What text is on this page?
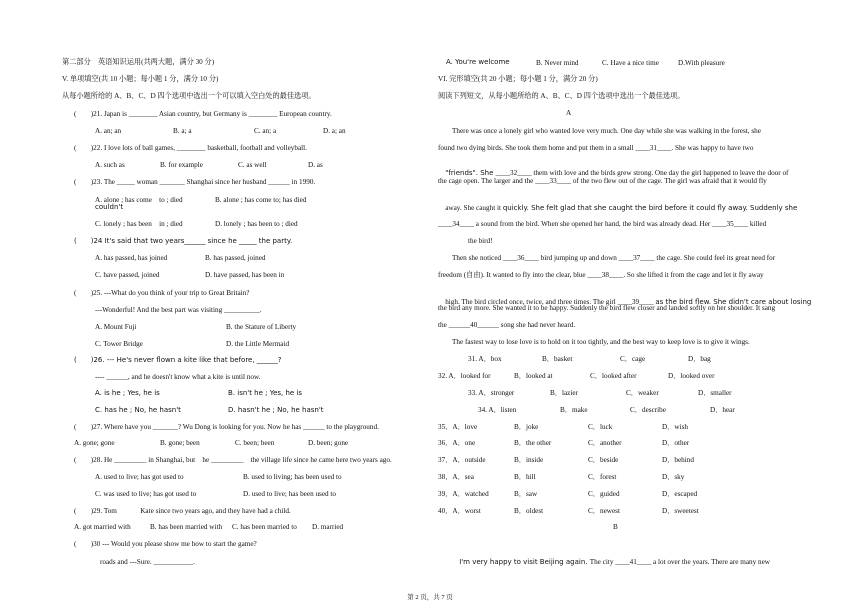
第二部分　英语知识运用(共两大题，满分 30 分)
V. 单项填空(共 10 小题；每小题 1 分，满分 10 分)
从每小题所给的 A、B、C、D 四个选项中选出一个可以填入空白处的最佳选项。
(　　)21. Japan is ________ Asian country, but Germany is ________ European country.
A. an; an	B. a; a	C. an; a	D. a; an
(　　)22. I love lots of ball games, ________ basketball, football and volleyball.
A. such as	B. for example	C. as well	D. as
(　　)23. The _____ woman _______ Shanghai since her husband ______ in 1990.
A. alone ; has come　to ; died	B. alone ; has come to; has died
couldn't
C. lonely ; has been　in ; died	D. lonely ; has been to ; died
(　　)24 It's said that two years______ since he _____ the party.
A. has passed, has joined	B. has passed, joined
C. have passed, joined	D. have passed, has been in
(　　)25. ---What do you think of your trip to Great Britain?
---Wonderful! And the best part was visiting __________.
A. Mount Fuji	B. the Stature of Liberty
C. Tower Bridge	D. the Little Mermaid
(　　)26. --- He's never flown a kite like that before, ______?
---- ______, and he doesn't know what a kite is until now.
A. is he ; Yes, he is	B. isn't he ; Yes, he is
C. has he ; No, he hasn't	D. hasn't he ; No, he hasn't
(　　)27. Where have you _______? Wu Dong is looking for you. Now he has ______ to the playground.
A. gone; gone	B. gone; been	C. been; been	D. been; gone
(　　)28. He _________ in Shanghai, but　he _________　the village life since he came here two years ago.
A. used to live; has got used to	B. used to living; has been used to
C. was used to live; has got used to	D. used to live; has been used to
(　　)29. Tom　　　 Kate since two years ago, and they have had a child.
A. got married with	B. has been married with C. has been married to D. married
(　　)30 --- Would you please show me how to start the game?
roads and ---Sure. ___________.
A. You're welcome	B. Never mind	C. Have a nice time	D.With pleasure
VI. 完形填空(共 20 小题；每小题 1 分，满分 20 分)
阅读下列短文，从每小题所给的 A、B、C、D 四个选项中选出一个最佳选项。
A
There was once a lonely girl who wanted love very much. One day while she was walking in the forest, she
found two dying birds. She took them home and put them in a small ____31____. She was happy to have two

"friends". She ____32____ them with love and the birds grew strong. One day the girl happened to leave the door of

the cage open. The larger and the ____33____ of the two flew out of the cage. The girl was afraid that it would fly

away. She caught it quickly. She felt glad that she caught the bird before it could fly away. Suddenly she

____34____ a sound from the bird. When she opened her hand, the bird was already dead. Her ____35____ killed
the bird!
Then she noticed ____36____ bird jumping up and down ____37____ the cage. She could feel its great need for
freedom (自由). It wanted to fly into the clear, blue ____38____. So she lifted it from the cage and let it fly away

high. The bird circled once, twice, and three times. The girl ____39____ as the bird flew. She didn't care about losing

the bird any more. She wanted it to be happy. Suddenly the bird flew closer and landed softly on her shoulder. It sang
the ______40______ song she had never heard.
The fastest way to lose love is to hold on it too tightly, and the best way to keep love is to give it wings.
31. A．box	B．basket	C．cage	D．bag
32. A．looked for	B．looked at	C．looked after	D．looked over
33. A．stronger	B．lazier	C．weaker	D．smaller
34. A．listen	B．make	C．describe	D．hear
35．A．love	B．joke	C．luck	D．wish
36．A．one	B．the other	C．another	D．other
37．A．outside	B．inside	C．beside	D．behind
38．A．sea	B．hill	C．forest	D．sky
39．A．watched	B．saw	C．guided	D．escaped
40．A．worst	B．oldest	C．newest	D．sweetest
B

I'm very happy to visit Beijing again. The city ____41____ a lot over the years. There are many new

第 2 页，共 7 页
